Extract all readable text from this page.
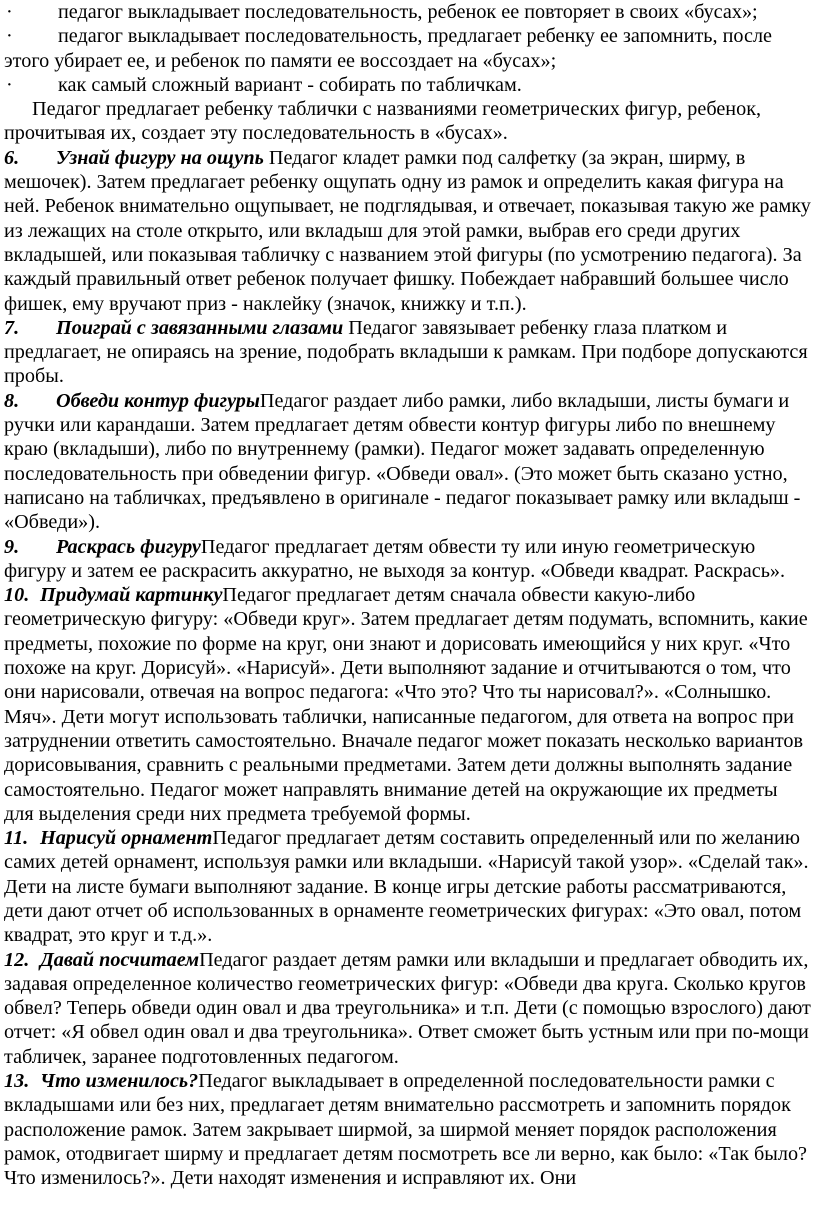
·	педагог выкладывает последовательность, ребенок ее повторяет в своих «бусах»;

· педагог выкладывает последовательность, предлагает ребенку ее запомнить, после этого убирает ее, и ребенок по памяти ее воссоздает на «бусах»;

·	как самый сложный вариант - собирать по табличкам.

Педагог предлагает ребенку таблички с названиями геометрических фигур, ребенок, прочитывая их, создает эту последовательность в «бусах».

6. Узнай фигуру на ощупь Педагог кладет рамки под салфетку (за экран, ширму, в мешочек). Затем предлагает ребенку ощупать одну из рамок и определить какая фигура на ней. Ребенок внимательно ощупывает, не подглядывая, и отвечает, показывая такую же рамку из лежащих на столе открыто, или вкладыш для этой рамки, выбрав его среди других вкладышей, или показывая табличку с названием этой фигуры (по усмотрению педагога). За каждый правильный ответ ребенок получает фишку. Побеждает набравший большее число фишек, ему вручают приз - наклейку (значок, книжку и т.п.).

7. Поиграй с завязанными глазами Педагог завязывает ребенку глаза платком и предлагает, не опираясь на зрение, подобрать вкладыши к рамкам. При подборе допускаются пробы.

8. Обведи контур фигурыПедагог раздает либо рамки, либо вкладыши, листы бумаги и ручки или карандаши. Затем предлагает детям обвести контур фигуры либо по внешнему краю (вкладыши), либо по внутреннему (рамки). Педагог может задавать определенную последовательность при обведении фигур. «Обведи овал». (Это может быть сказано устно, написано на табличках, предъявлено в оригинале - педагог показывает рамку или вкладыш - «Обведи»).

9. Раскрась фигуруПедагог предлагает детям обвести ту или иную геометрическую фигуру и затем ее раскрасить аккуратно, не выходя за контур. «Обведи квадрат. Раскрась».

10. Придумай картинкуПедагог предлагает детям сначала обвести какую-либо геометрическую фигуру: «Обведи круг». Затем предлагает детям подумать, вспомнить, какие предметы, похожие по форме на круг, они знают и дорисовать имеющийся у них круг. «Что похоже на круг. Дорисуй». «Нарисуй». Дети выполняют задание и отчитываются о том, что они нарисовали, отвечая на вопрос педагога: «Что это? Что ты нарисовал?». «Солнышко. Мяч». Дети могут использовать таблички, написанные педагогом, для ответа на вопрос при затруднении ответить самостоятельно. Вначале педагог может показать несколько вариантов дорисовывания, сравнить с реальными предметами. Затем дети должны выполнять задание самостоятельно. Педагог может направлять внимание детей на окружающие их предметы для выделения среди них предмета требуемой формы.

11. Нарисуй орнаментПедагог предлагает детям составить определенный или по желанию самих детей орнамент, используя рамки или вкладыши. «Нарисуй такой узор». «Сделай так». Дети на листе бумаги выполняют задание. В конце игры детские работы рассматриваются, дети дают отчет об использованных в орнаменте геометрических фигурах: «Это овал, потом квадрат, это круг и т.д.».

12. Давай посчитаемПедагог раздает детям рамки или вкладыши и предлагает обводить их, задавая определенное количество геометрических фигур: «Обведи два круга. Сколько кругов обвел? Теперь обведи один овал и два треугольника» и т.п. Дети (с помощью взрослого) дают отчет: «Я обвел один овал и два треугольника». Ответ сможет быть устным или при по-мощи табличек, заранее подготовленных педагогом.

13. Что изменилось?Педагог выкладывает в определенной последовательности рамки с вкладышами или без них, предлагает детям внимательно рассмотреть и запомнить порядок расположение рамок. Затем закрывает ширмой, за ширмой меняет порядок расположения рамок, отодвигает ширму и предлагает детям посмотреть все ли верно, как было: «Так было? Что изменилось?». Дети находят изменения и исправляют их. Они
